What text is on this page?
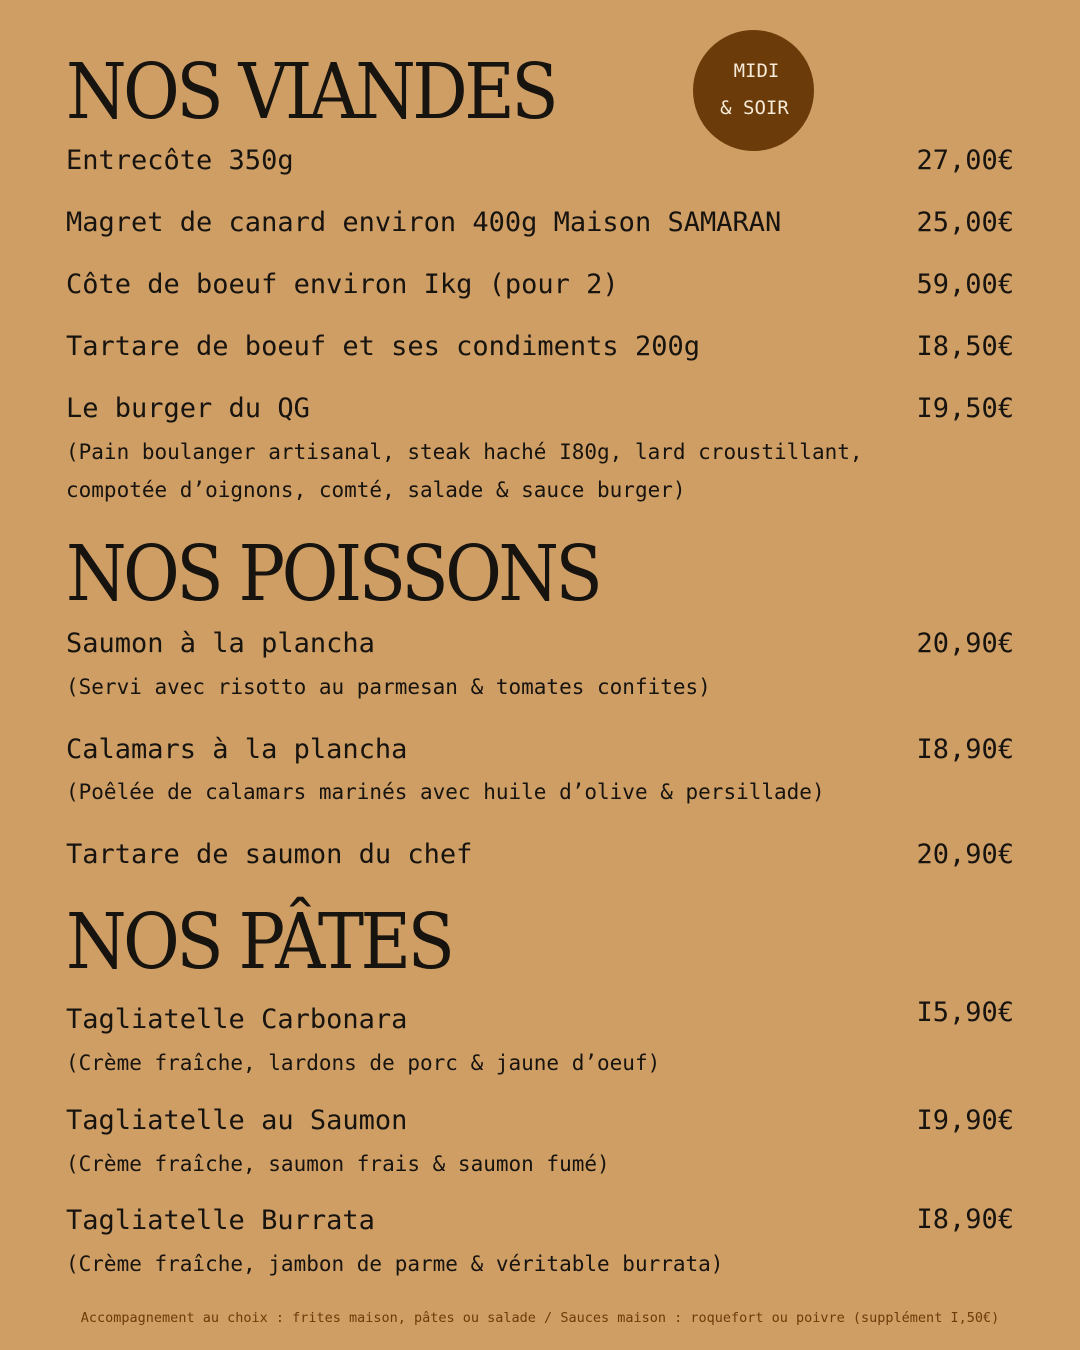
NOS VIANDES	MIDI
& SOIR
Entrecôte 350g	27,00€
Magret de canard environ 400g Maison SAMARAN	25,00€
Côte de boeuf environ Ikg (pour 2)	59,00€
Tartare de boeuf et ses condiments 200g	I8,50€
Le burger du QG	I9,50€
(Pain boulanger artisanal, steak haché I80g, lard croustillant,
compotée d’oignons, comté, salade & sauce burger)
NOS POISSONS
Saumon à la plancha	20,90€
(Servi avec risotto au parmesan & tomates confites)
Calamars à la plancha	I8,90€
(Poêlée de calamars marinés avec huile d’olive & persillade)
Tartare de saumon du chef	20,90€
NOS PÂTES
Tagliatelle Carbonara	I5,90€
(Crème fraîche, lardons de porc & jaune d’oeuf)
Tagliatelle au Saumon	I9,90€
(Crème fraîche, saumon frais & saumon fumé)
Tagliatelle Burrata	I8,90€
(Crème fraîche, jambon de parme & véritable burrata)
Accompagnement au choix : frites maison, pâtes ou salade / Sauces maison : roquefort ou poivre (supplément I,50€)
